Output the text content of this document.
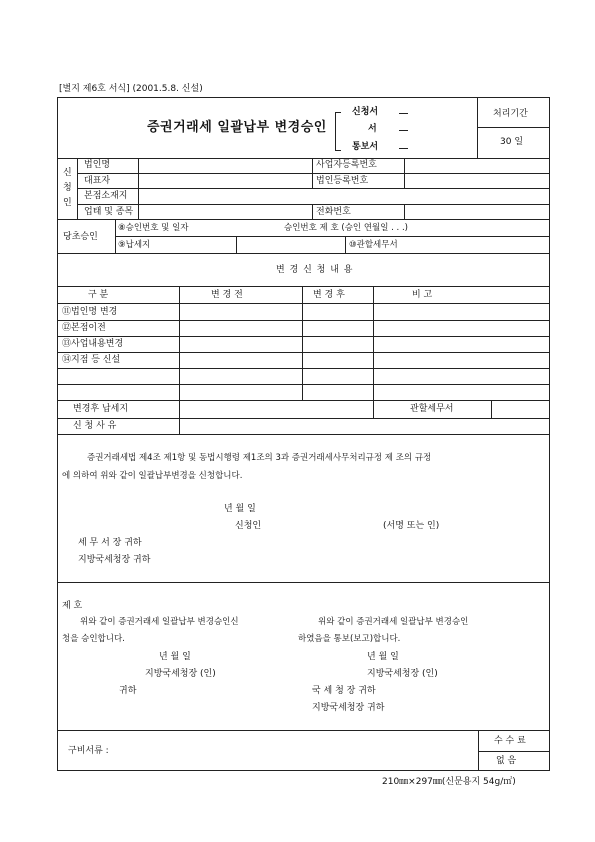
[별지 제6호 서식] (2001.5.8. 신설)
증권거래세 일괄납부 변경승인
신청서
서
통보서
처리기간
30 일
신
청
인
법인명	사업자등록번호
대표자	법인등록번호
본점소재지
업태 및 종목	전화번호
당초승인
⑧승인번호 및 일자	승인번호 제 호 (승인 연월일 . . .)
⑨납세지	⑩관할세무서
변 경 신 청 내 용
구 분	변 경 전	변 경 후	비 고
⑪법인명 변경
⑫본점이전
⑬사업내용변경
⑭지점 등 신설
변경후 납세지	관할세무서
신 청 사 유
증권거래세법 제4조 제1항 및 동법시행령 제1조의 3과 증권거래세사무처리규정 제 조의 규정
에 의하여 위와 같이 일괄납부변경을 신청합니다.
년 월 일
신청인	(서명 또는 인)
세 무 서 장 귀하
지방국세청장 귀하
제 호
위와 같이 증권거래세 일괄납부 변경승인신
청을 승인합니다.
년 월 일
지방국세청장 (인)
귀하
위와 같이 증권거래세 일괄납부 변경승인
하였음을 통보(보고)합니다.
년 월 일
지방국세청장 (인)
국 세 청 장 귀하
지방국세청장 귀하
구비서류 :
수 수 료
없 음
210㎜×297㎜(신문용지 54g/㎡)
